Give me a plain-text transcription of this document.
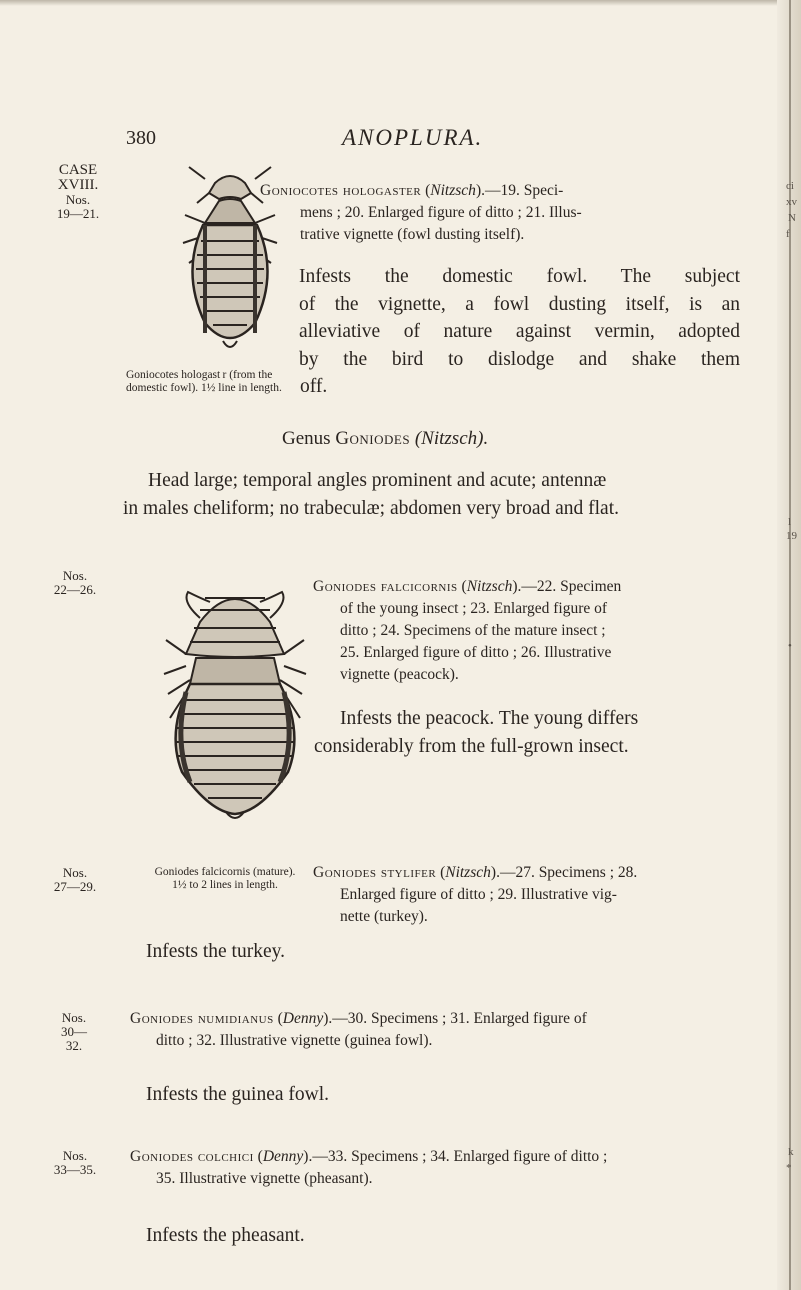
380	ANOPLURA.
CASE
XVIII.
Nos.
19—21.
Goniocotes hologast r (from the
domestic fowl). 1½ line in length.
Goniocotes hologaster (Nitzsch).—19. Speci-
mens ; 20. Enlarged figure of ditto ; 21. Illus-
trative vignette (fowl dusting itself).
Infests the domestic fowl. The subject
of the vignette, a fowl dusting itself, is an
alleviative of nature against vermin, adopted
by the bird to dislodge and shake them
off.
Genus Goniodes (Nitzsch).
Head large; temporal angles prominent and acute; antennæ
in males cheliform; no trabeculæ; abdomen very broad and flat.
Nos.
22—26.
Goniodes falcicornis (mature).
1½ to 2 lines in length.
Goniodes falcicornis (Nitzsch).—22. Specimen
of the young insect ; 23. Enlarged figure of
ditto ; 24. Specimens of the mature insect ;
25. Enlarged figure of ditto ; 26. Illustrative
vignette (peacock).
Infests the peacock. The young differs
considerably from the full-grown insect.
Nos.
27—29.
Goniodes stylifer (Nitzsch).—27. Specimens ; 28.
Enlarged figure of ditto ; 29. Illustrative vig-
nette (turkey).
Infests the turkey.
Nos.
30—32.
Goniodes numidianus (Denny).—30. Specimens ; 31. Enlarged figure of
ditto ; 32. Illustrative vignette (guinea fowl).
Infests the guinea fowl.
Nos.
33—35.
Goniodes colchici (Denny).—33. Specimens ; 34. Enlarged figure of ditto ;
35. Illustrative vignette (pheasant).
Infests the pheasant.
ci
xv
N
f
l
19
•
k
*
